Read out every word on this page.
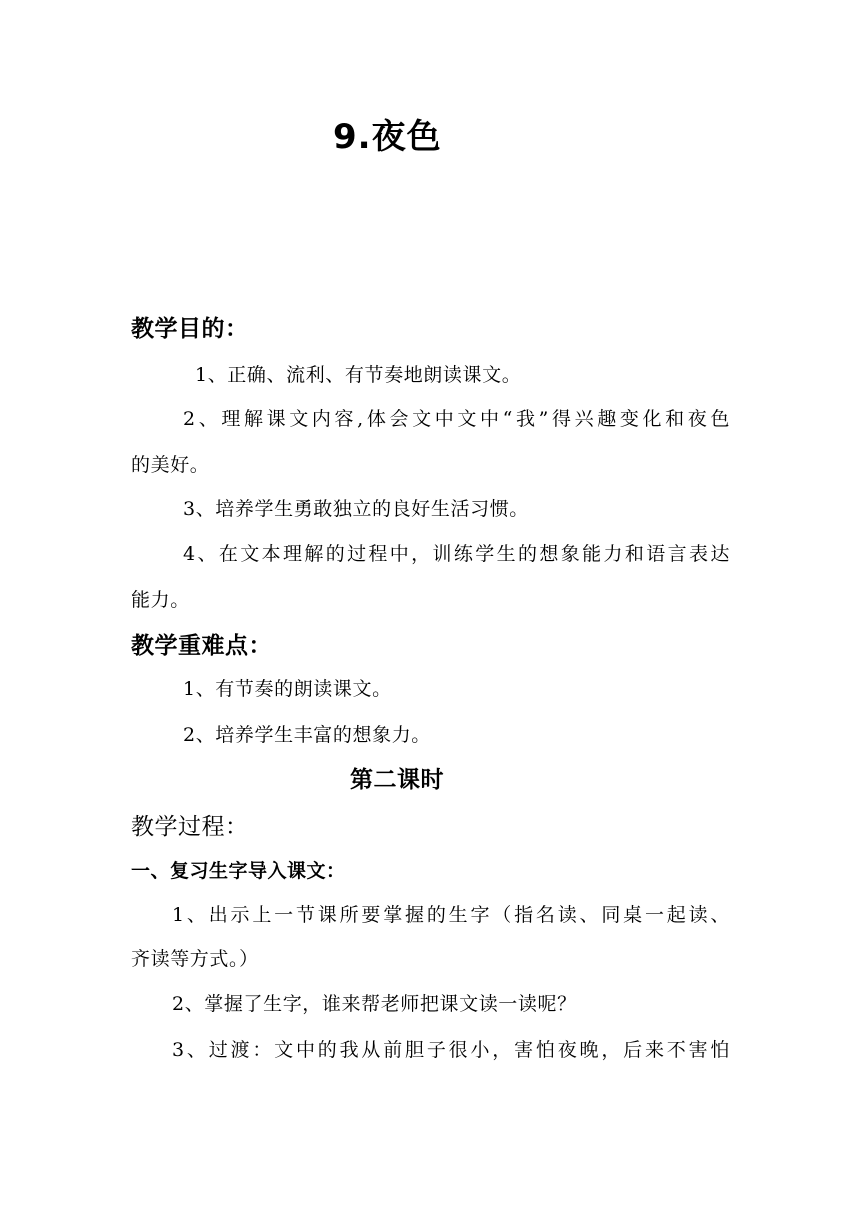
9.夜色
教学目的：
1、正确、流利、有节奏地朗读课文。
2、理解课文内容,体会文中文中“我”得兴趣变化和夜色
的美好。
3、培养学生勇敢独立的良好生活习惯。
4、在文本理解的过程中，训练学生的想象能力和语言表达
能力。
教学重难点：
1、有节奏的朗读课文。
2、培养学生丰富的想象力。
第二课时
教学过程：
一、复习生字导入课文：
1、出示上一节课所要掌握的生字（指名读、同桌一起读、
齐读等方式。）
2、掌握了生字，谁来帮老师把课文读一读呢？
3、过渡：文中的我从前胆子很小，害怕夜晚，后来不害怕
